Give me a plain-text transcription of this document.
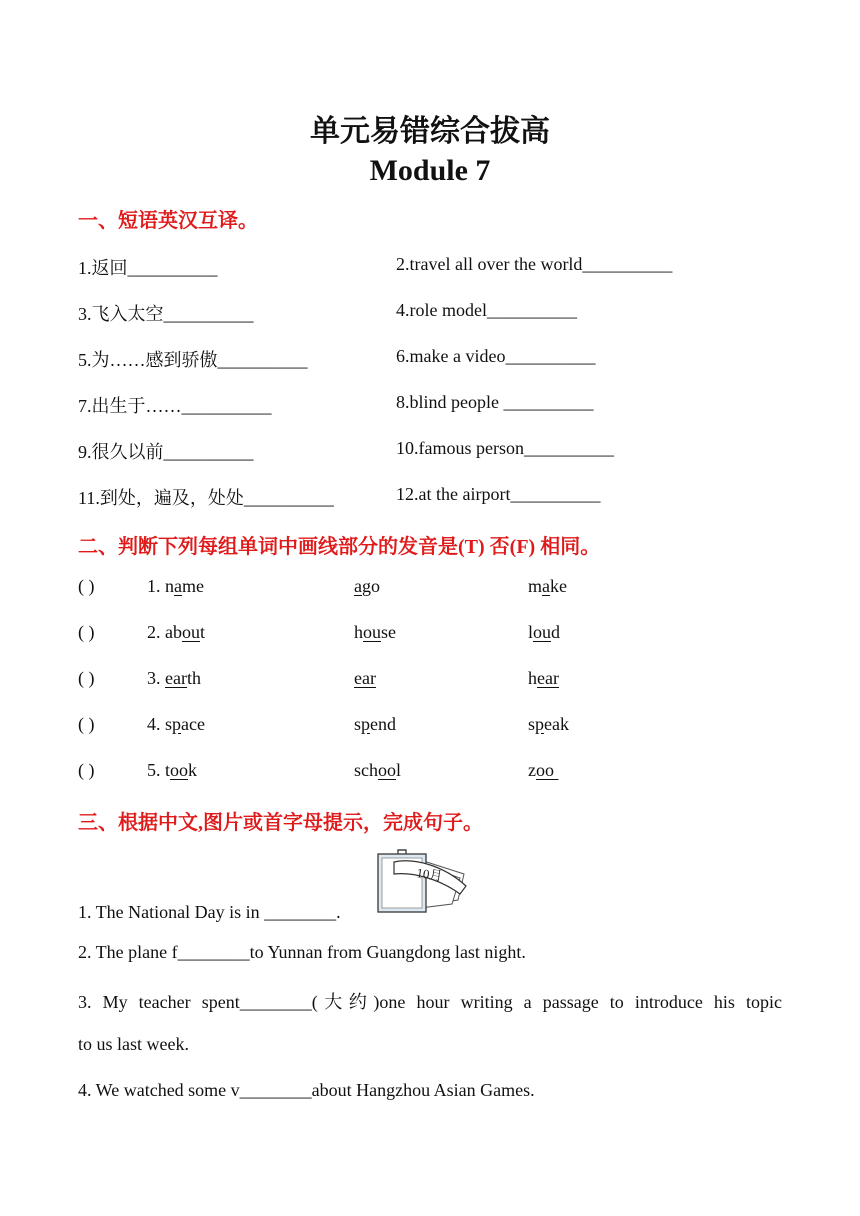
单元易错综合拔高
Module 7
一、短语英汉互译。
1.返回__________	2.travel all over the world__________
3.飞入太空__________	4.role model__________
5.为……感到骄傲__________	6.make a video__________
7.出生于……__________	8.blind people __________
9.很久以前__________	10.famous person__________
11.到处，遍及，处处__________	12.at the airport__________
二、判断下列每组单词中画线部分的发音是(T) 否(F) 相同。
( )	1. name	ago	make
( )	2. about	house	loud
( )	3. earth	ear	hear
( )	4. space	spend	speak
( )	5. took	school	zoo
三、根据中文,图片或首字母提示，完成句子。
10月
1. The National Day is in ________.
2. The plane f________to Yunnan from Guangdong last night.
3. My teacher spent________(大约)one hour writing a passage to introduce his topic
to us last week.
4. We watched some v________about Hangzhou Asian Games.
